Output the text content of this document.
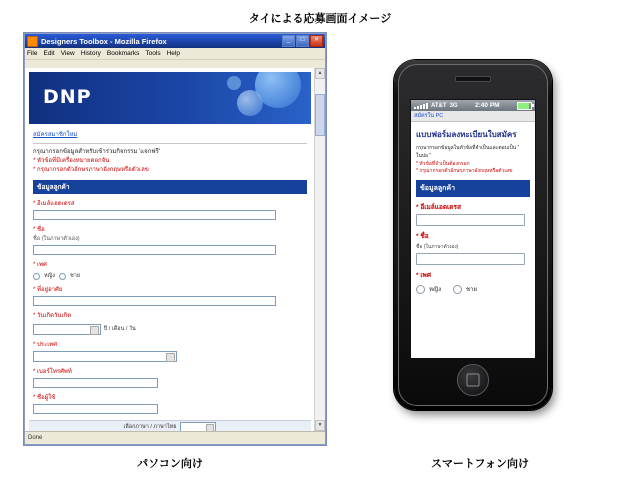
タイによる応募画面イメージ
Designers Toolbox - Mozilla Firefox	_	□	✕
File Edit View History Bookmarks Tools Help
DNP
สมัครสมาชิกใหม่
กรุณากรอกข้อมูลสำหรับเข้าร่วมกิจกรรม 'แจกฟรี'
* หัวข้อที่มีเครื่องหมายดอกจัน
* กรุณากรอกตัวอักษรภาษาอังกฤษหรือตัวเลข
ข้อมูลลูกค้า
* อีเมล์แอดเดรส
* ชื่อ
ชื่อ (ในภาษาตัวเอง)
* เพศ
หญิง	ชาย
* ที่อยู่อาศัย
* วันเกิดวันเกิด
ปี / เดือน / วัน
* ประเทศ
* เบอร์โทรศัพท์
* ชื่อผู้ใช้
เลือกภาษา / ภาษาไทย
▲
▼
Done
AT&T 3G	2:40 PM
สมัครใน PC
แบบฟอร์มลงทะเบียนใบสมัคร
กรุณากรอกข้อมูลในหัวข้อที่จำเป็นและตอบเป็น " ในปอ "
* หัวข้อที่จำเป็นต้องกรอก
* กรุณากรอกตัวอักษรภาษาอังกฤษหรือตัวเลข
ข้อมูลลูกค้า
* อีเมล์แอดเดรส
* ชื่อ
ชื่อ (ในภาษาตัวเอง)
* เพศ
หญิง	ชาย
パソコン向け	スマートフォン向け
